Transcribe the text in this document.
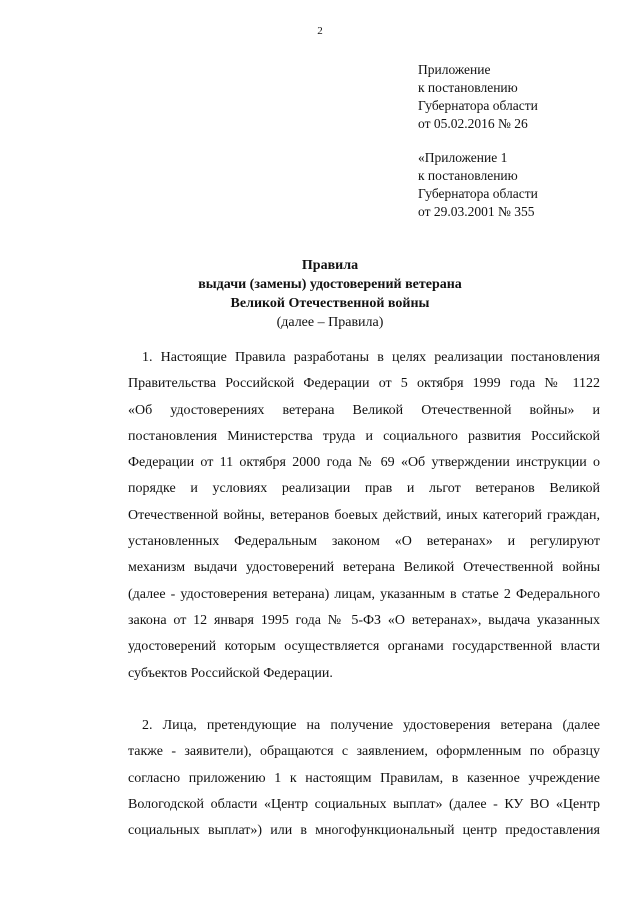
2
Приложение
к постановлению
Губернатора области
от 05.02.2016 № 26
«Приложение 1
к постановлению
Губернатора области
от 29.03.2001 № 355
Правила
выдачи (замены) удостоверений ветерана
Великой Отечественной войны
(далее – Правила)
1. Настоящие Правила разработаны в целях реализации постановления
Правительства Российской Федерации от 5 октября 1999 года № 1122
«Об удостоверениях ветерана Великой Отечественной войны» и
постановления Министерства труда и социального развития Российской
Федерации от 11 октября 2000 года № 69 «Об утверждении инструкции о
порядке и условиях реализации прав и льгот ветеранов Великой
Отечественной войны, ветеранов боевых действий, иных категорий граждан,
установленных Федеральным законом «О ветеранах» и регулируют
механизм выдачи удостоверений ветерана Великой Отечественной войны
(далее - удостоверения ветерана) лицам, указанным в статье 2 Федерального
закона от 12 января 1995 года № 5-ФЗ «О ветеранах», выдача указанных
удостоверений которым осуществляется органами государственной власти
субъектов Российской Федерации.
2. Лица, претендующие на получение удостоверения ветерана (далее
также - заявители), обращаются с заявлением, оформленным по образцу
согласно приложению 1 к настоящим Правилам, в казенное учреждение
Вологодской области «Центр социальных выплат» (далее - КУ ВО «Центр
социальных выплат») или в многофункциональный центр предоставления
